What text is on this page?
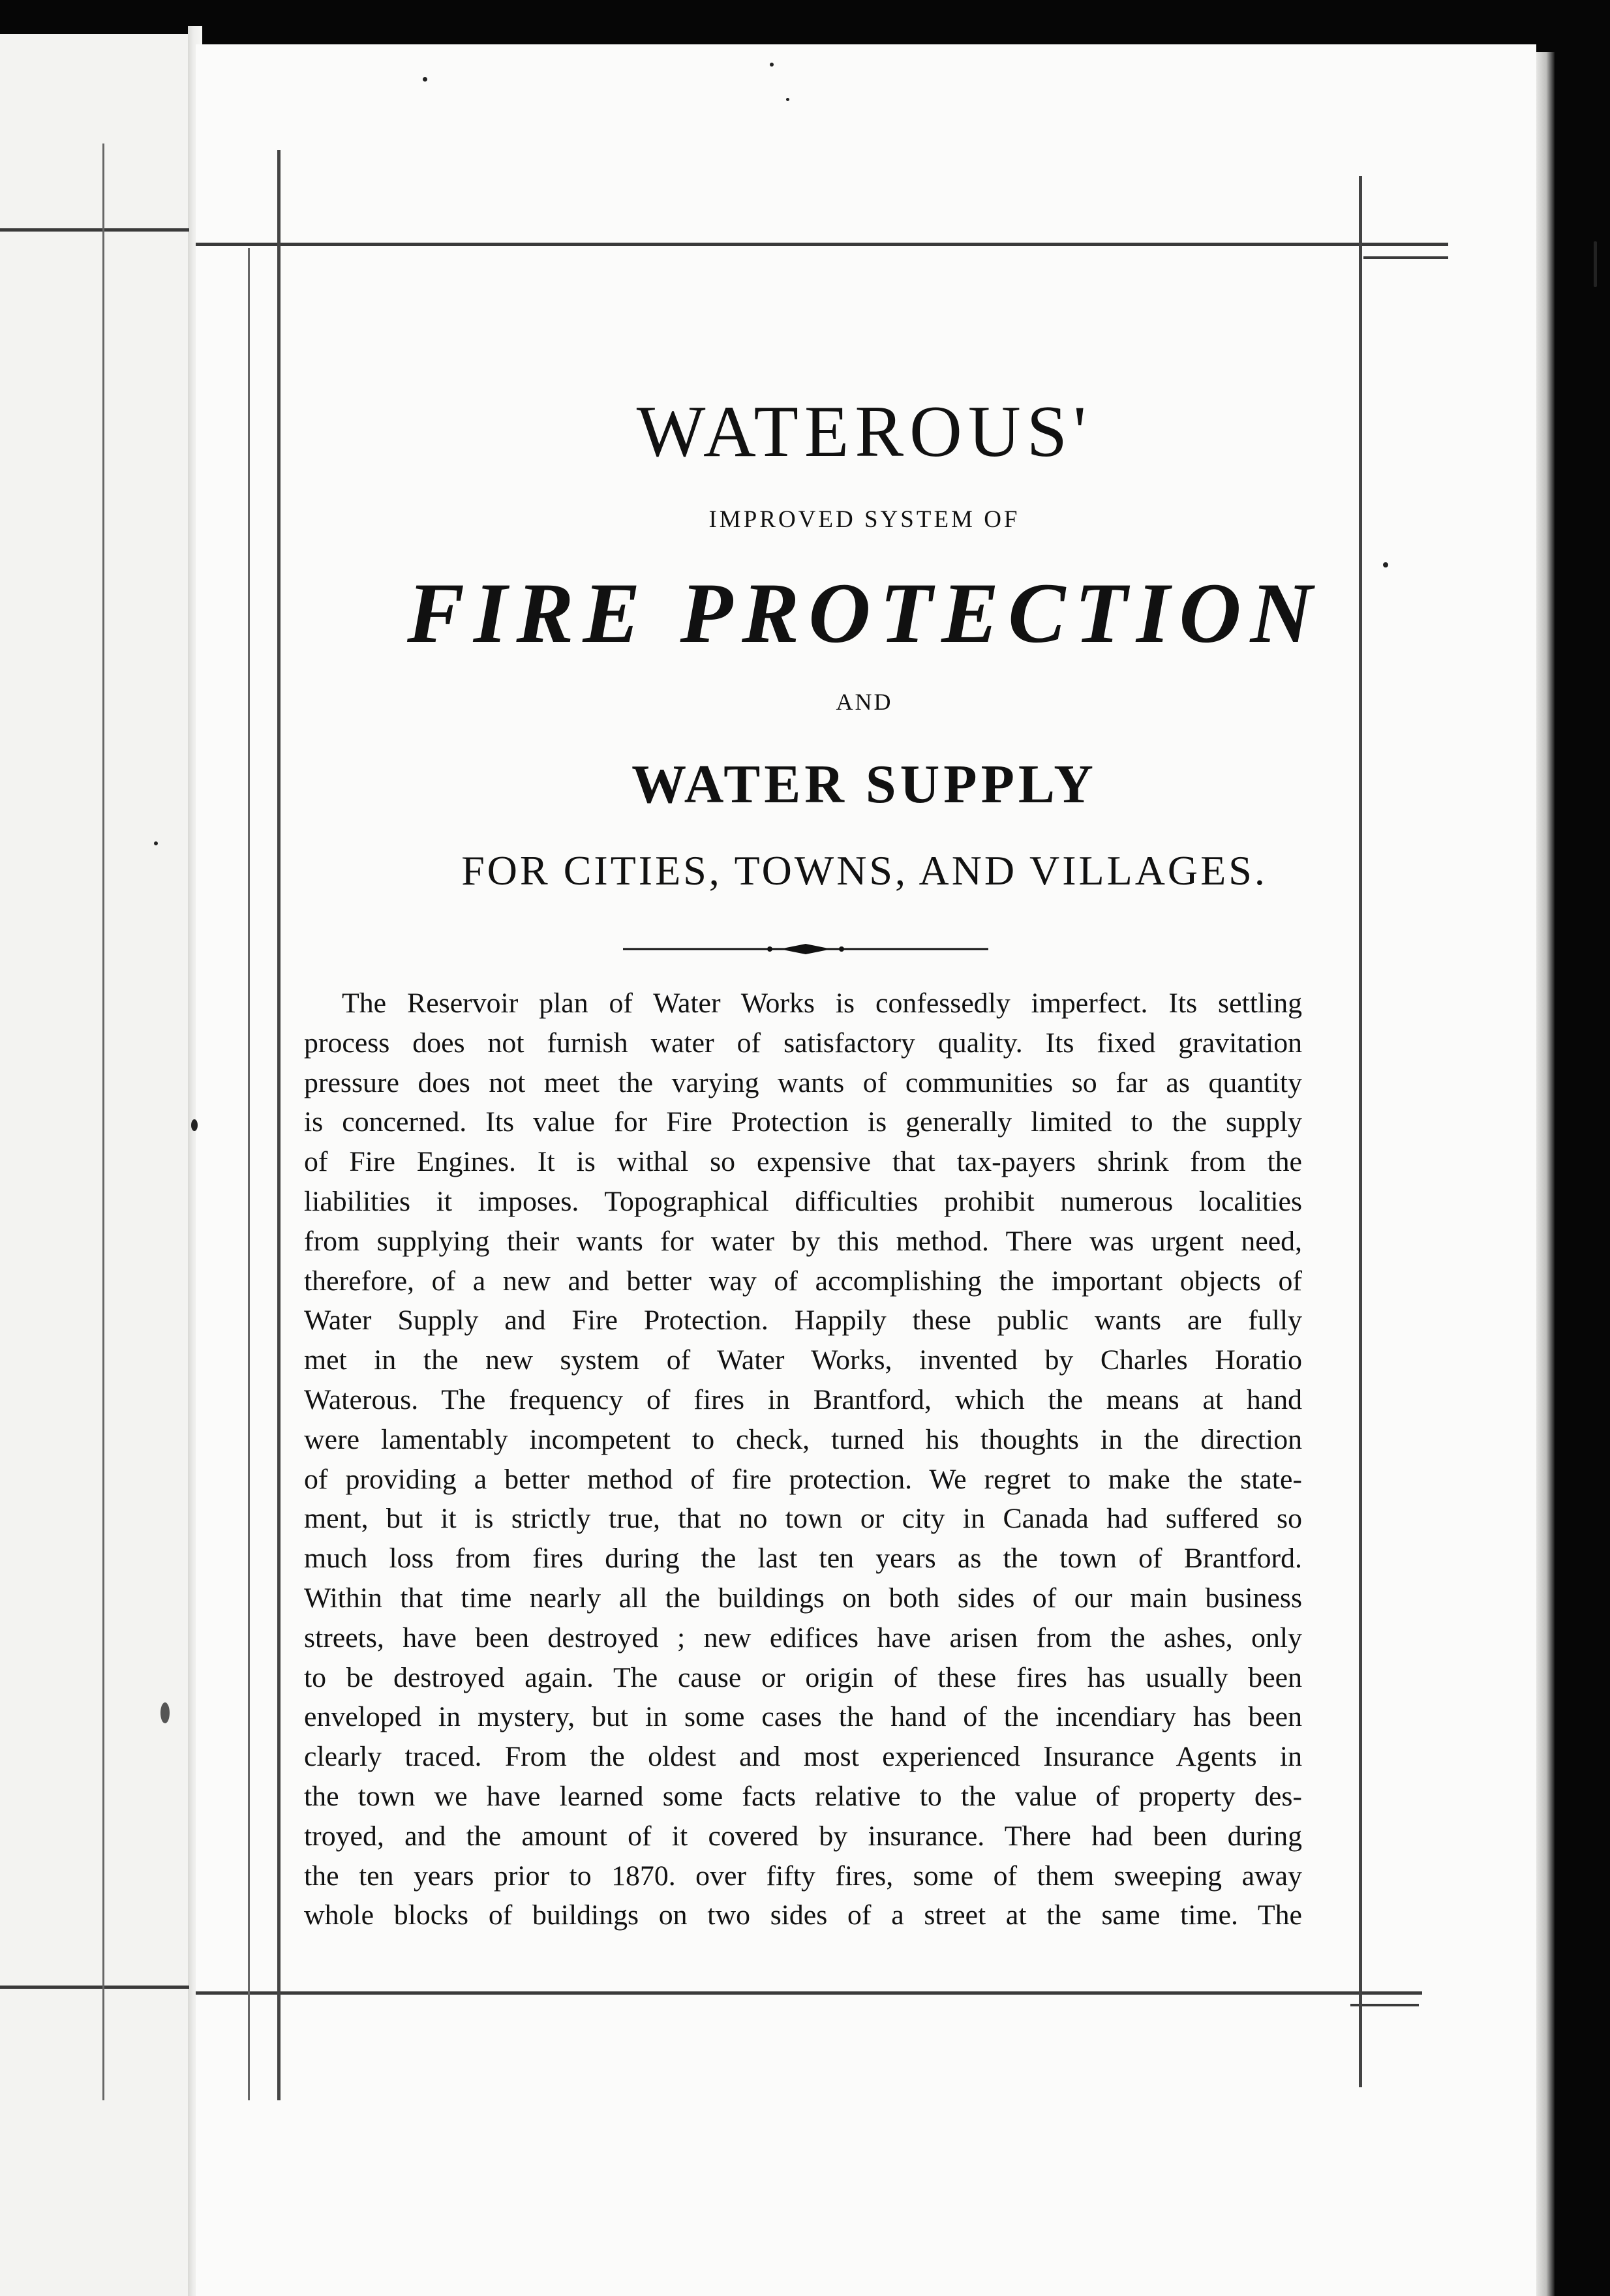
WATEROUS'
IMPROVED SYSTEM OF
FIRE PROTECTION
AND
WATER SUPPLY
FOR CITIES, TOWNS, AND VILLAGES.
The Reservoir plan of Water Works is confessedly imperfect. Its settling
process does not furnish water of satisfactory quality. Its fixed gravitation
pressure does not meet the varying wants of communities so far as quantity
is concerned. Its value for Fire Protection is generally limited to the supply
of Fire Engines. It is withal so expensive that tax-payers shrink from the
liabilities it imposes. Topographical difficulties prohibit numerous localities
from supplying their wants for water by this method. There was urgent need,
therefore, of a new and better way of accomplishing the important objects of
Water Supply and Fire Protection. Happily these public wants are fully
met in the new system of Water Works, invented by Charles Horatio
Waterous. The frequency of fires in Brantford, which the means at hand
were lamentably incompetent to check, turned his thoughts in the direction
of providing a better method of fire protection. We regret to make the state-
ment, but it is strictly true, that no town or city in Canada had suffered so
much loss from fires during the last ten years as the town of Brantford.
Within that time nearly all the buildings on both sides of our main business
streets, have been destroyed ; new edifices have arisen from the ashes, only
to be destroyed again. The cause or origin of these fires has usually been
enveloped in mystery, but in some cases the hand of the incendiary has been
clearly traced. From the oldest and most experienced Insurance Agents in
the town we have learned some facts relative to the value of property des-
troyed, and the amount of it covered by insurance. There had been during
the ten years prior to 1870. over fifty fires, some of them sweeping away
whole blocks of buildings on two sides of a street at the same time. The
